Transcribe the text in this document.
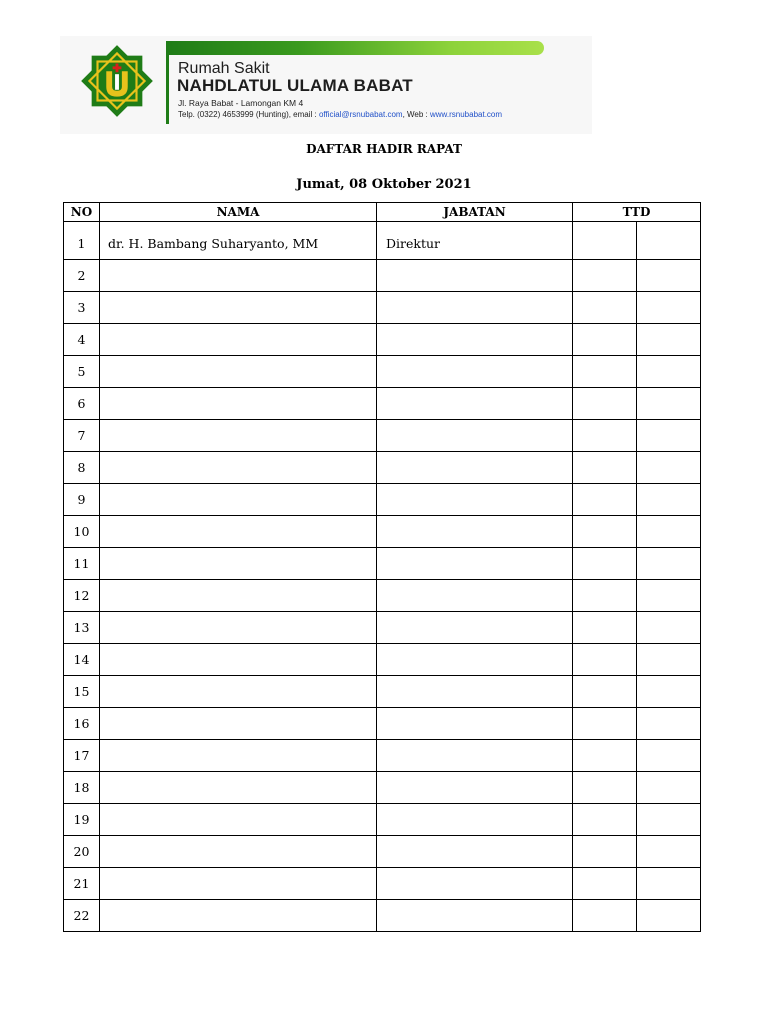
Rumah Sakit
NAHDLATUL ULAMA BABAT
Jl. Raya Babat - Lamongan KM 4
Telp. (0322) 4653999 (Hunting), email : official@rsnubabat.com, Web : www.rsnubabat.com
DAFTAR HADIR RAPAT
Jumat, 08 Oktober 2021
NO	NAMA	JABATAN	TTD	
1	dr. H. Bambang Suharyanto, MM	Direktur		
2				
3				
4				
5				
6				
7				
8				
9				
10				
11				
12				
13				
14				
15				
16				
17				
18				
19				
20				
21				
22				
